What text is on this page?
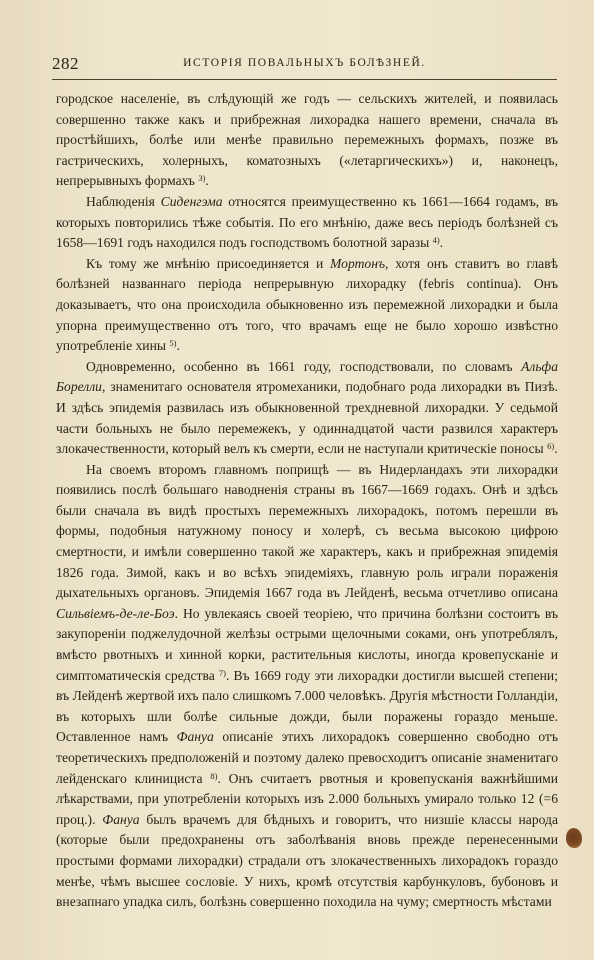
282	ИСТОРІЯ ПОВАЛЬНЫХЪ БОЛѢЗНЕЙ.

городское населеніе, въ слѣдующій же годъ — сельскихъ жителей, и появилась совершенно также какъ и прибрежная лихорадка нашего времени, сначала въ простѣйшихъ, болѣе или менѣе правильно перемежныхъ формахъ, позже въ гастрическихъ, холерныхъ, коматозныхъ («летаргическихъ») и, наконецъ, непрерывныхъ формахъ $^{3)}$.

Наблюденія Сиденгэма относятся преимущественно къ 1661—1664 годамъ, въ которыхъ повторились тѣже событія. По его мнѣнію, даже весь періодъ болѣзней съ 1658—1691 годъ находился подъ господствомъ болотной заразы $^{4)}$.

Къ тому же мнѣнію присоединяется и Мортонъ, хотя онъ ставитъ во главѣ болѣзней названнаго періода непрерывную лихорадку (febris continua). Онъ доказываетъ, что она происходила обыкновенно изъ перемежной лихорадки и была упорна преимущественно отъ того, что врачамъ еще не было хорошо извѣстно употребленіе хины $^{5)}$.

Одновременно, особенно въ 1661 году, господствовали, по словамъ Альфа Борелли, знаменитаго основателя ятромеханики, подобнаго рода лихорадки въ Пизѣ. И здѣсь эпидемія развилась изъ обыкновенной трехдневной лихорадки. У седьмой части больныхъ не было перемежекъ, у одиннадцатой части развился характеръ злокачественности, который велъ къ смерти, если не наступали критическіе поносы $^{6)}$.

На своемъ второмъ главномъ поприщѣ — въ Нидерландахъ эти лихорадки появились послѣ большаго наводненія страны въ 1667—1669 годахъ. Онѣ и здѣсь были сначала въ видѣ простыхъ перемежныхъ лихорадокъ, потомъ перешли въ формы, подобныя натужному поносу и холерѣ, съ весьма высокою цифрою смертности, и имѣли совершенно такой же характеръ, какъ и прибрежная эпидемія 1826 года. Зимой, какъ и во всѣхъ эпидеміяхъ, главную роль играли пораженія дыхательныхъ органовъ. Эпидемія 1667 года въ Лейденѣ, весьма отчетливо описана Сильвіемъ-де-ле-Боэ. Но увлекаясь своей теоріею, что причина болѣзни состоитъ въ закупореніи поджелудочной желѣзы острыми щелочными соками, онъ употреблялъ, вмѣсто рвотныхъ и хинной корки, растительныя кислоты, иногда кровепусканіе и симптоматическія средства $^{7)}$. Въ 1669 году эти лихорадки достигли высшей степени; въ Лейденѣ жертвой ихъ пало слишкомъ 7.000 человѣкъ. Другія мѣстности Голландіи, въ которыхъ шли болѣе сильные дожди, были поражены гораздо меньше. Оставленное намъ Фануа описаніе этихъ лихорадокъ совершенно свободно отъ теоретическихъ предположеній и поэтому далеко превосходитъ описаніе знаменитаго лейденскаго клинициста $^{8)}$. Онъ считаетъ рвотныя и кровепусканія важнѣйшими лѣкарствами, при употребленіи которыхъ изъ 2.000 больныхъ умирало только 12 (=6 проц.). Фануа былъ врачемъ для бѣдныхъ и говоритъ, что низшіе классы народа (которые были предохранены отъ заболѣванія вновь прежде перенесенными простыми формами лихорадки) страдали отъ злокачественныхъ лихорадокъ гораздо менѣе, чѣмъ высшее сословіе. У нихъ, кромѣ отсутствія карбункуловъ, бубоновъ и внезапнаго упадка силъ, болѣзнь совершенно походила на чуму; смертность мѣстами
